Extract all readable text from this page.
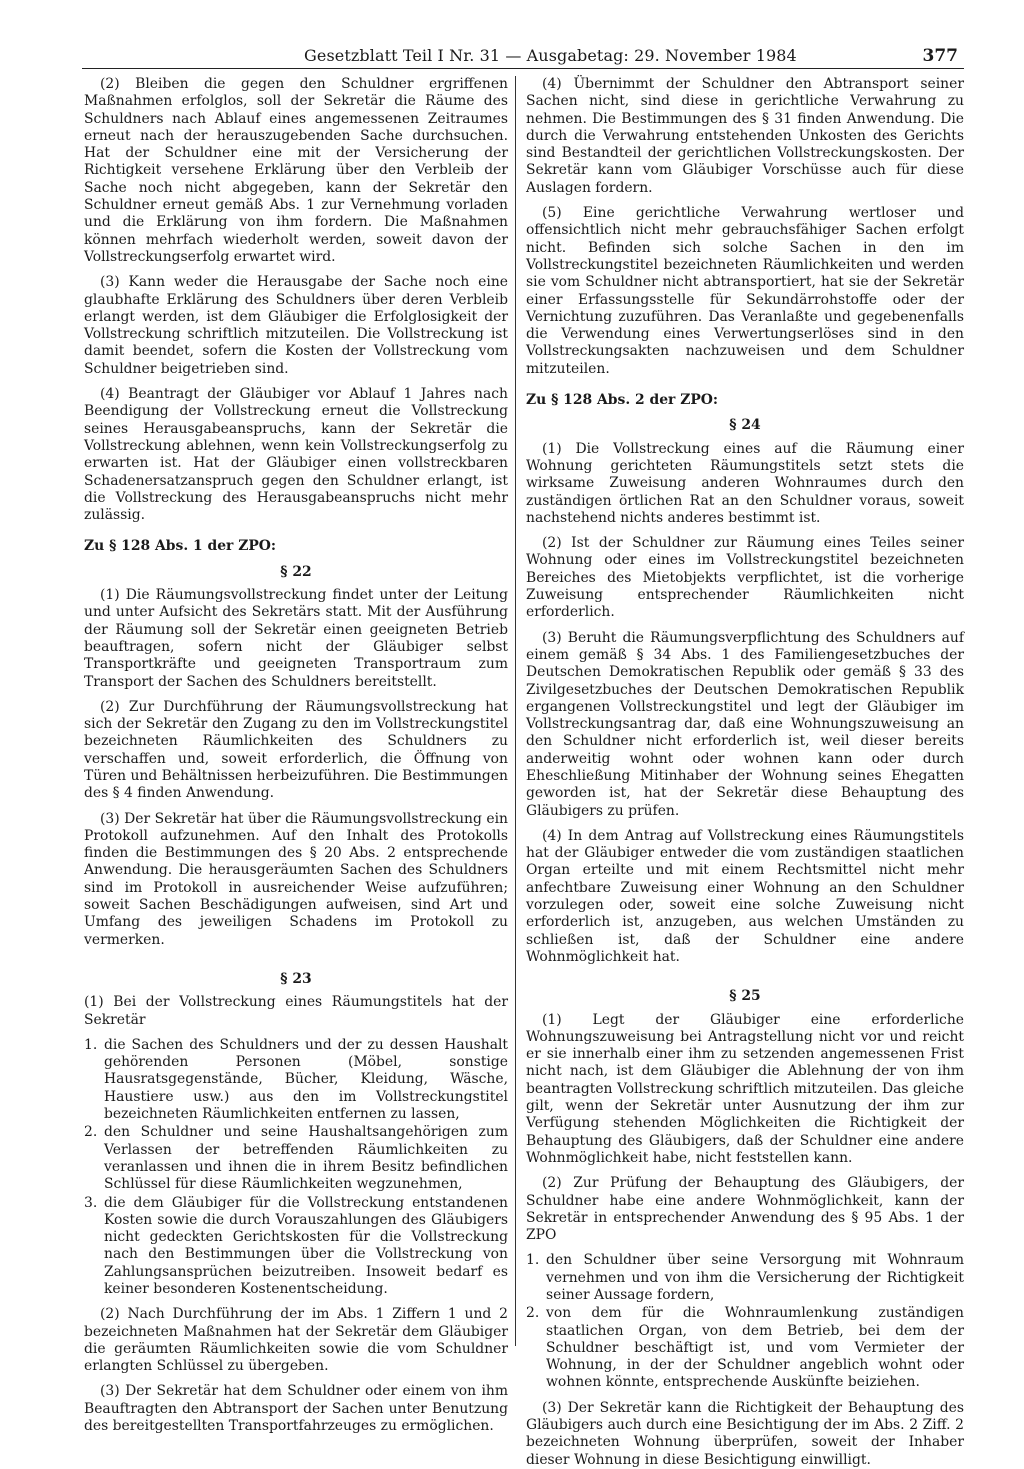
Gesetzblatt Teil I Nr. 31 — Ausgabetag: 29. November 1984	377

(2) Bleiben die gegen den Schuldner ergriffenen Maßnahmen erfolglos, soll der Sekretär die Räume des Schuldners nach Ablauf eines angemessenen Zeitraumes erneut nach der herauszugebenden Sache durchsuchen. Hat der Schuldner eine mit der Versicherung der Richtigkeit versehene Erklärung über den Verbleib der Sache noch nicht abgegeben, kann der Sekretär den Schuldner erneut gemäß Abs. 1 zur Vernehmung vorladen und die Erklärung von ihm fordern. Die Maßnahmen können mehrfach wiederholt werden, soweit davon der Vollstreckungserfolg erwartet wird.

(3) Kann weder die Herausgabe der Sache noch eine glaubhafte Erklärung des Schuldners über deren Verbleib erlangt werden, ist dem Gläubiger die Erfolglosigkeit der Vollstreckung schriftlich mitzuteilen. Die Vollstreckung ist damit beendet, sofern die Kosten der Vollstreckung vom Schuldner beigetrieben sind.

(4) Beantragt der Gläubiger vor Ablauf 1 Jahres nach Beendigung der Vollstreckung erneut die Vollstreckung seines Herausgabeanspruchs, kann der Sekretär die Vollstreckung ablehnen, wenn kein Vollstreckungserfolg zu erwarten ist. Hat der Gläubiger einen vollstreckbaren Schadenersatzanspruch gegen den Schuldner erlangt, ist die Vollstreckung des Herausgabeanspruchs nicht mehr zulässig.

Zu § 128 Abs. 1 der ZPO:
§ 22

(1) Die Räumungsvollstreckung findet unter der Leitung und unter Aufsicht des Sekretärs statt. Mit der Ausführung der Räumung soll der Sekretär einen geeigneten Betrieb beauftragen, sofern nicht der Gläubiger selbst Transportkräfte und geeigneten Transportraum zum Transport der Sachen des Schuldners bereitstellt.

(2) Zur Durchführung der Räumungsvollstreckung hat sich der Sekretär den Zugang zu den im Vollstreckungstitel bezeichneten Räumlichkeiten des Schuldners zu verschaffen und, soweit erforderlich, die Öffnung von Türen und Behältnissen herbeizuführen. Die Bestimmungen des § 4 finden Anwendung.

(3) Der Sekretär hat über die Räumungsvollstreckung ein Protokoll aufzunehmen. Auf den Inhalt des Protokolls finden die Bestimmungen des § 20 Abs. 2 entsprechende Anwendung. Die herausgeräumten Sachen des Schuldners sind im Protokoll in ausreichender Weise aufzuführen; soweit Sachen Beschädigungen aufweisen, sind Art und Umfang des jeweiligen Schadens im Protokoll zu vermerken.

§ 23

(1) Bei der Vollstreckung eines Räumungstitels hat der Sekretär

1. die Sachen des Schuldners und der zu dessen Haushalt gehörenden Personen (Möbel, sonstige Hausratsgegenstände, Bücher, Kleidung, Wäsche, Haustiere usw.) aus den im Vollstreckungstitel bezeichneten Räumlichkeiten entfernen zu lassen,
2. den Schuldner und seine Haushaltsangehörigen zum Verlassen der betreffenden Räumlichkeiten zu veranlassen und ihnen die in ihrem Besitz befindlichen Schlüssel für diese Räumlichkeiten wegzunehmen,
3. die dem Gläubiger für die Vollstreckung entstandenen Kosten sowie die durch Vorauszahlungen des Gläubigers nicht gedeckten Gerichtskosten für die Vollstreckung nach den Bestimmungen über die Vollstreckung von Zahlungsansprüchen beizutreiben. Insoweit bedarf es keiner besonderen Kostenentscheidung.

(2) Nach Durchführung der im Abs. 1 Ziffern 1 und 2 bezeichneten Maßnahmen hat der Sekretär dem Gläubiger die geräumten Räumlichkeiten sowie die vom Schuldner erlangten Schlüssel zu übergeben.

(3) Der Sekretär hat dem Schuldner oder einem von ihm Beauftragten den Abtransport der Sachen unter Benutzung des bereitgestellten Transportfahrzeuges zu ermöglichen.

(4) Übernimmt der Schuldner den Abtransport seiner Sachen nicht, sind diese in gerichtliche Verwahrung zu nehmen. Die Bestimmungen des § 31 finden Anwendung. Die durch die Verwahrung entstehenden Unkosten des Gerichts sind Bestandteil der gerichtlichen Vollstreckungskosten. Der Sekretär kann vom Gläubiger Vorschüsse auch für diese Auslagen fordern.

(5) Eine gerichtliche Verwahrung wertloser und offensichtlich nicht mehr gebrauchsfähiger Sachen erfolgt nicht. Befinden sich solche Sachen in den im Vollstreckungstitel bezeichneten Räumlichkeiten und werden sie vom Schuldner nicht abtransportiert, hat sie der Sekretär einer Erfassungsstelle für Sekundärrohstoffe oder der Vernichtung zuzuführen. Das Veranlaßte und gegebenenfalls die Verwendung eines Verwertungserlöses sind in den Vollstreckungsakten nachzuweisen und dem Schuldner mitzuteilen.

Zu § 128 Abs. 2 der ZPO:
§ 24

(1) Die Vollstreckung eines auf die Räumung einer Wohnung gerichteten Räumungstitels setzt stets die wirksame Zuweisung anderen Wohnraumes durch den zuständigen örtlichen Rat an den Schuldner voraus, soweit nachstehend nichts anderes bestimmt ist.

(2) Ist der Schuldner zur Räumung eines Teiles seiner Wohnung oder eines im Vollstreckungstitel bezeichneten Bereiches des Mietobjekts verpflichtet, ist die vorherige Zuweisung entsprechender Räumlichkeiten nicht erforderlich.

(3) Beruht die Räumungsverpflichtung des Schuldners auf einem gemäß § 34 Abs. 1 des Familiengesetzbuches der Deutschen Demokratischen Republik oder gemäß § 33 des Zivilgesetzbuches der Deutschen Demokratischen Republik ergangenen Vollstreckungstitel und legt der Gläubiger im Vollstreckungsantrag dar, daß eine Wohnungszuweisung an den Schuldner nicht erforderlich ist, weil dieser bereits anderweitig wohnt oder wohnen kann oder durch Eheschließung Mitinhaber der Wohnung seines Ehegatten geworden ist, hat der Sekretär diese Behauptung des Gläubigers zu prüfen.

(4) In dem Antrag auf Vollstreckung eines Räumungstitels hat der Gläubiger entweder die vom zuständigen staatlichen Organ erteilte und mit einem Rechtsmittel nicht mehr anfechtbare Zuweisung einer Wohnung an den Schuldner vorzulegen oder, soweit eine solche Zuweisung nicht erforderlich ist, anzugeben, aus welchen Umständen zu schließen ist, daß der Schuldner eine andere Wohnmöglichkeit hat.

§ 25

(1) Legt der Gläubiger eine erforderliche Wohnungszuweisung bei Antragstellung nicht vor und reicht er sie innerhalb einer ihm zu setzenden angemessenen Frist nicht nach, ist dem Gläubiger die Ablehnung der von ihm beantragten Vollstreckung schriftlich mitzuteilen. Das gleiche gilt, wenn der Sekretär unter Ausnutzung der ihm zur Verfügung stehenden Möglichkeiten die Richtigkeit der Behauptung des Gläubigers, daß der Schuldner eine andere Wohnmöglichkeit habe, nicht feststellen kann.

(2) Zur Prüfung der Behauptung des Gläubigers, der Schuldner habe eine andere Wohnmöglichkeit, kann der Sekretär in entsprechender Anwendung des § 95 Abs. 1 der ZPO

1. den Schuldner über seine Versorgung mit Wohnraum vernehmen und von ihm die Versicherung der Richtigkeit seiner Aussage fordern,
2. von dem für die Wohnraumlenkung zuständigen staatlichen Organ, von dem Betrieb, bei dem der Schuldner beschäftigt ist, und vom Vermieter der Wohnung, in der der Schuldner angeblich wohnt oder wohnen könnte, entsprechende Auskünfte beiziehen.

(3) Der Sekretär kann die Richtigkeit der Behauptung des Gläubigers auch durch eine Besichtigung der im Abs. 2 Ziff. 2 bezeichneten Wohnung überprüfen, soweit der Inhaber dieser Wohnung in diese Besichtigung einwilligt.
